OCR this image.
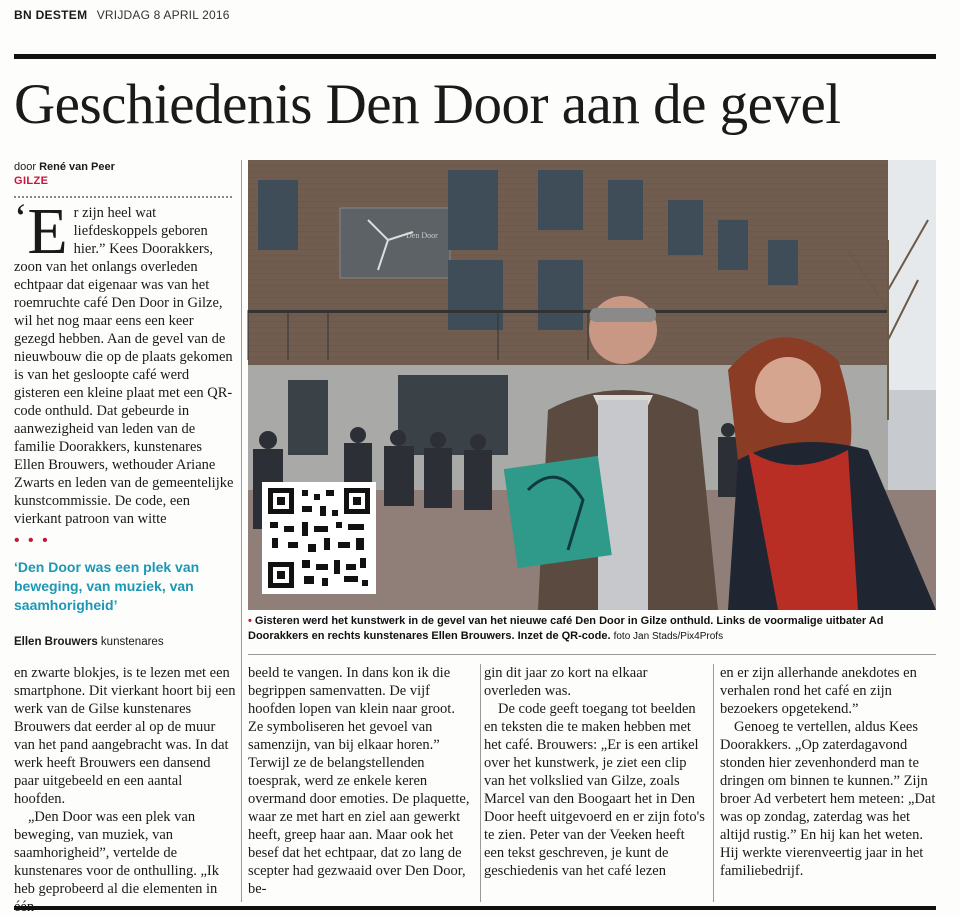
BN DESTEM VRIJDAG 8 APRIL 2016
Geschiedenis Den Door aan de gevel
door René van Peer
GILZE
‘ E r zijn heel wat liefdeskoppels geboren hier.” Kees Doorakkers, zoon van het onlangs overleden echtpaar dat eigenaar was van het roemruchte café Den Door in Gilze, wil het nog maar eens een keer gezegd hebben. Aan de gevel van de nieuwbouw die op de plaats gekomen is van het gesloopte café werd gisteren een kleine plaat met een QR-code onthuld. Dat gebeurde in aanwezigheid van leden van de familie Doorakkers, kunstenares Ellen Brouwers, wethouder Ariane Zwarts en leden van de gemeentelijke kunstcommissie. De code, een vierkant patroon van witte
• • •
‘Den Door was een plek van beweging, van muziek, van saamhorigheid’
Ellen Brouwers kunstenares
Den Door
• Gisteren werd het kunstwerk in de gevel van het nieuwe café Den Door in Gilze onthuld. Links de voormalige uitbater Ad Doorakkers en rechts kunstenares Ellen Brouwers. Inzet de QR-code. foto Jan Stads/Pix4Profs

en zwarte blokjes, is te lezen met een smartphone. Dit vierkant hoort bij een werk van de Gilse kunstenares Brouwers dat eerder al op de muur van het pand aangebracht was. In dat werk heeft Brouwers een dansend paar uitgebeeld en een aantal hoofden.

„Den Door was een plek van beweging, van muziek, van saamhorigheid”, vertelde de kunstenares voor de onthulling. „Ik heb geprobeerd al die elementen in

beeld te vangen. In dans kon ik die begrippen samenvatten. De vijf hoofden lopen van klein naar groot. Ze symboliseren het gevoel van samenzijn, van bij elkaar horen.” Terwijl ze de belangstellenden toesprak, werd ze enkele keren overmand door emoties. De plaquette, waar ze met hart en ziel aan gewerkt heeft, greep haar aan. Maar ook het besef dat het echtpaar, dat zo lang de scepter had gezwaaid over Den Door, be-

gin dit jaar zo kort na elkaar overleden was.

De code geeft toegang tot beelden en teksten die te maken hebben met het café. Brouwers: „Er is een artikel over het kunstwerk, je ziet een clip van het volkslied van Gilze, zoals Marcel van den Boogaart het in Den Door heeft uitgevoerd en er zijn foto's te zien. Peter van der Veeken heeft een tekst geschreven, je kunt de geschiedenis van het café lezen

en er zijn allerhande anekdotes en verhalen rond het café en zijn bezoekers opgetekend.”

Genoeg te vertellen, aldus Kees Doorakkers. „Op zaterdagavond stonden hier zevenhonderd man te dringen om binnen te kunnen.” Zijn broer Ad verbetert hem meteen: „Dat was op zondag, zaterdag was het altijd rustig.” En hij kan het weten. Hij werkte vierenveertig jaar in het familiebedrijf.
